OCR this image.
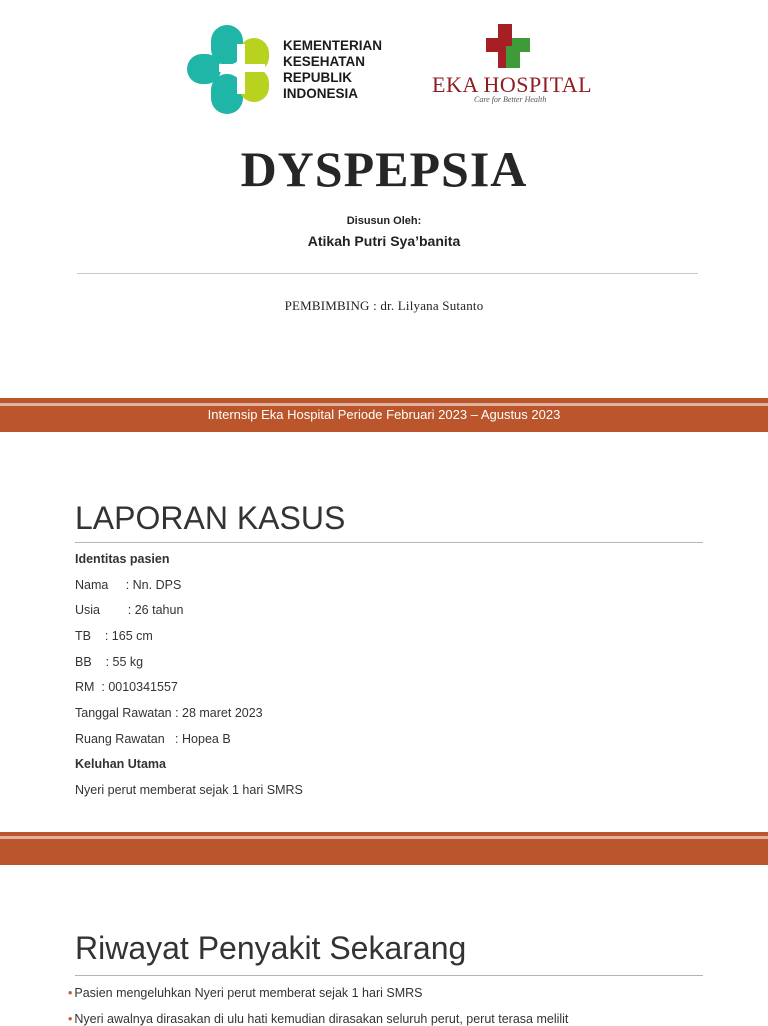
KEMENTERIAN
KESEHATAN
REPUBLIK
INDONESIA	EKA HOSPITAL
Care for Better Health
DYSPEPSIA
Disusun Oleh:
Atikah Putri Sya’banita
PEMBIMBING : dr. Lilyana Sutanto
Internsip Eka Hospital Periode Februari 2023 – Agustus 2023
LAPORAN KASUS
Identitas pasien
Nama     : Nn. DPS
Usia        : 26 tahun
TB    : 165 cm
BB    : 55 kg
RM  : 0010341557
Tanggal Rawatan : 28 maret 2023
Ruang Rawatan   : Hopea B
Keluhan Utama
Nyeri perut memberat sejak 1 hari SMRS
Riwayat Penyakit Sekarang
• Pasien mengeluhkan Nyeri perut memberat sejak 1 hari SMRS
• Nyeri awalnya dirasakan di ulu hati kemudian dirasakan seluruh perut, perut terasa melilit
